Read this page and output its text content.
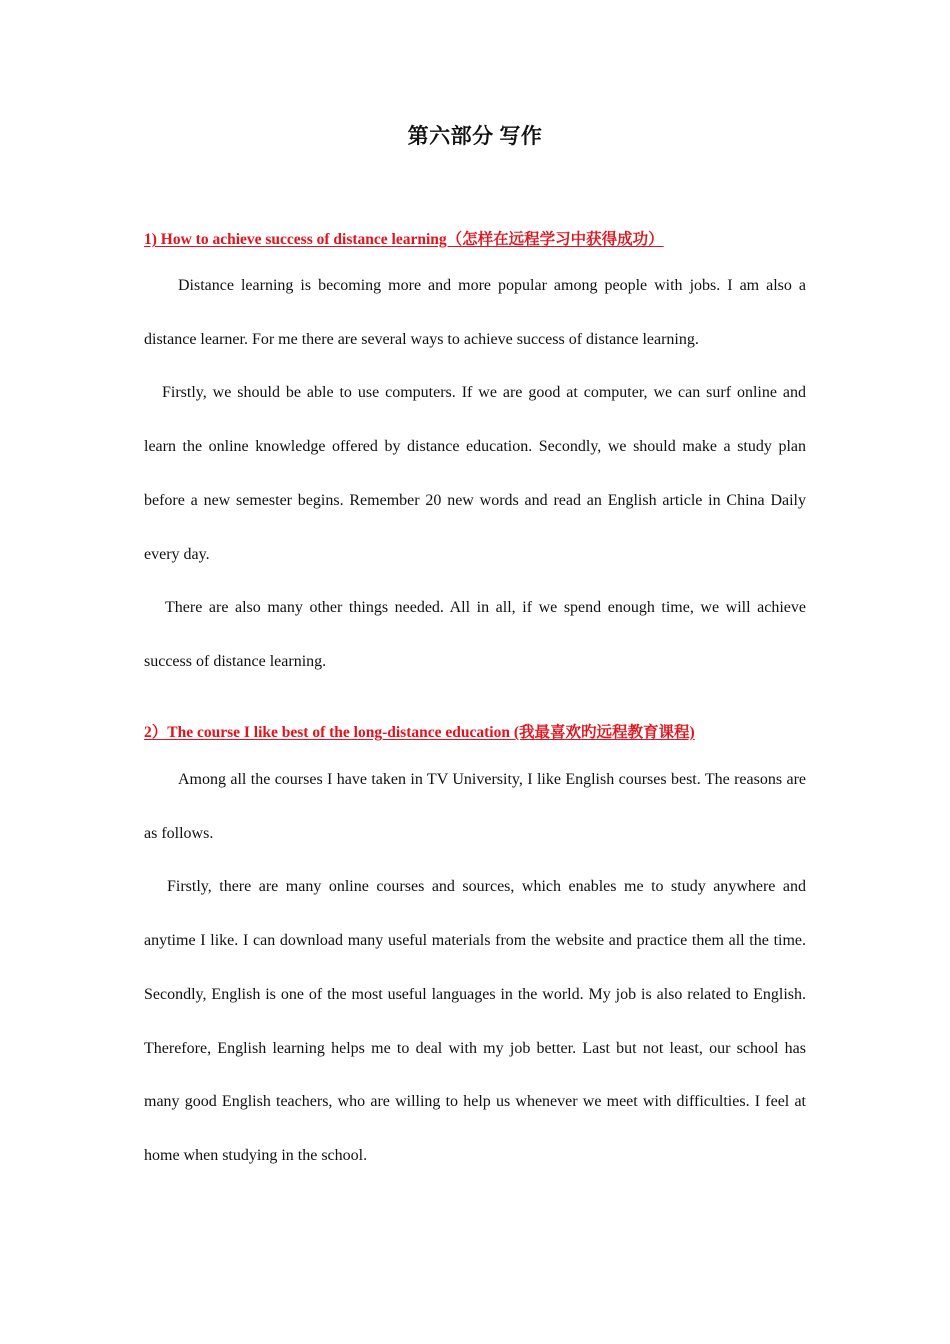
第六部分 写作
1) How to achieve success of distance learning（怎样在远程学习中获得成功）

Distance learning is becoming more and more popular among people with jobs. I am also a distance learner. For me there are several ways to achieve success of distance learning.

Firstly, we should be able to use computers. If we are good at computer, we can surf online and learn the online knowledge offered by distance education. Secondly, we should make a study plan before a new semester begins. Remember 20 new words and read an English article in China Daily every day.

There are also many other things needed. All in all, if we spend enough time, we will achieve success of distance learning.

2）The course I like best of the long-distance education (我最喜欢旳远程教育课程)

Among all the courses I have taken in TV University, I like English courses best. The reasons are as follows.

Firstly, there are many online courses and sources, which enables me to study anywhere and anytime I like. I can download many useful materials from the website and practice them all the time. Secondly, English is one of the most useful languages in the world. My job is also related to English. Therefore, English learning helps me to deal with my job better. Last but not least, our school has many good English teachers, who are willing to help us whenever we meet with difficulties. I feel at home when studying in the school.
